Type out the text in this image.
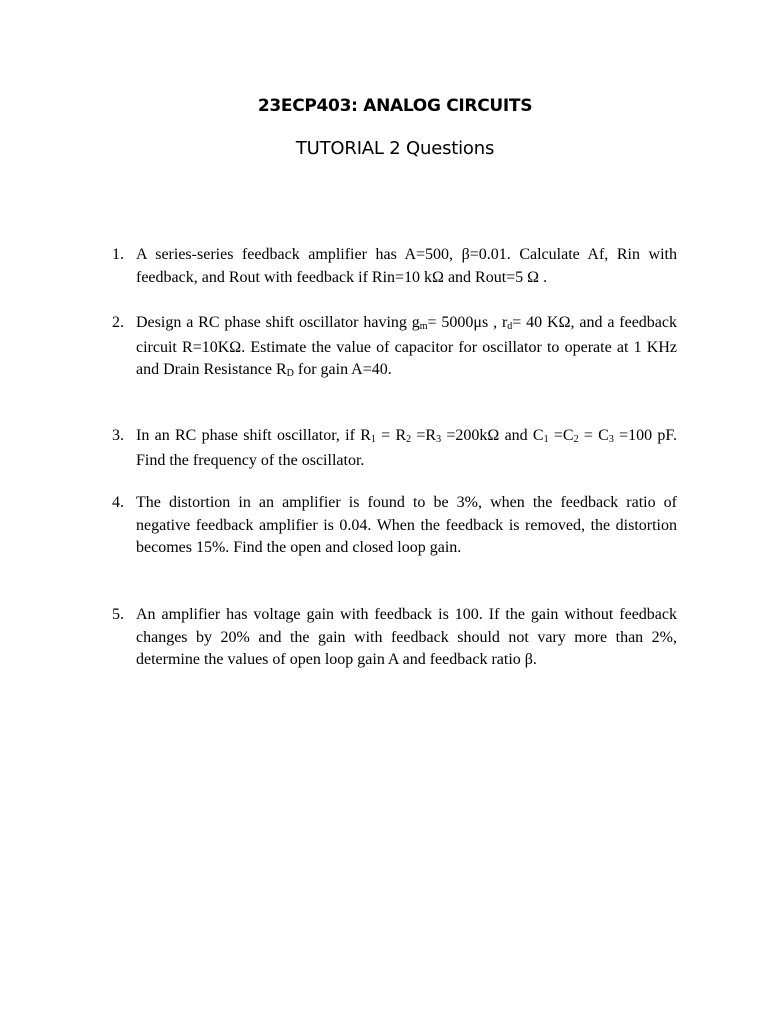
23ECP403: ANALOG CIRCUITS
TUTORIAL 2 Questions
1. A series-series feedback amplifier has A=500, β=0.01. Calculate Af, Rin with feedback, and Rout with feedback if Rin=10 kΩ and Rout=5 Ω .
2. Design a RC phase shift oscillator having gm= 5000μs , rd= 40 KΩ, and a feedback circuit R=10KΩ. Estimate the value of capacitor for oscillator to operate at 1 KHz and Drain Resistance RD for gain A=40.
3. In an RC phase shift oscillator, if R1 = R2 =R3 =200kΩ and C1 =C2 = C3 =100 pF. Find the frequency of the oscillator.
4. The distortion in an amplifier is found to be 3%, when the feedback ratio of negative feedback amplifier is 0.04. When the feedback is removed, the distortion becomes 15%. Find the open and closed loop gain.
5. An amplifier has voltage gain with feedback is 100. If the gain without feedback changes by 20% and the gain with feedback should not vary more than 2%, determine the values of open loop gain A and feedback ratio β.
